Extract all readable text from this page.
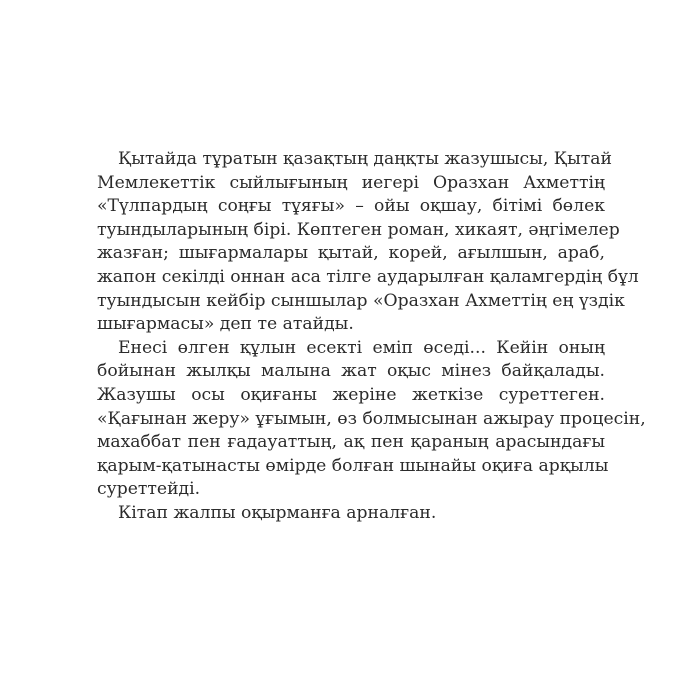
Қытайда тұратын қазақтың даңқты жазушысы, Қытай
Мемлекеттік сыйлығының иегері Оразхан Ахметтің
«Түлпардың соңғы тұяғы» – ойы оқшау, бітімі бөлек
туындыларының бірі. Көптеген роман, хикаят, әңгімелер
жазған; шығармалары қытай, корей, ағылшын, араб,
жапон секілді оннан аса тілге аударылған қаламгердің бұл
туындысын кейбір сыншылар «Оразхан Ахметтің ең үздік
шығармасы» деп те атайды.
Енесі өлген құлын есекті еміп өседі... Кейін оның
бойынан жылқы малына жат оқыс мінез байқалады.
Жазушы осы оқиғаны жеріне жеткізе суреттеген.
«Қағынан жеру» ұғымын, өз болмысынан ажырау процесін,
махаббат пен ғадауаттың, ақ пен қараның арасындағы
қарым-қатынасты өмірде болған шынайы оқиға арқылы
суреттейді.
Кітап жалпы оқырманға арналған.
